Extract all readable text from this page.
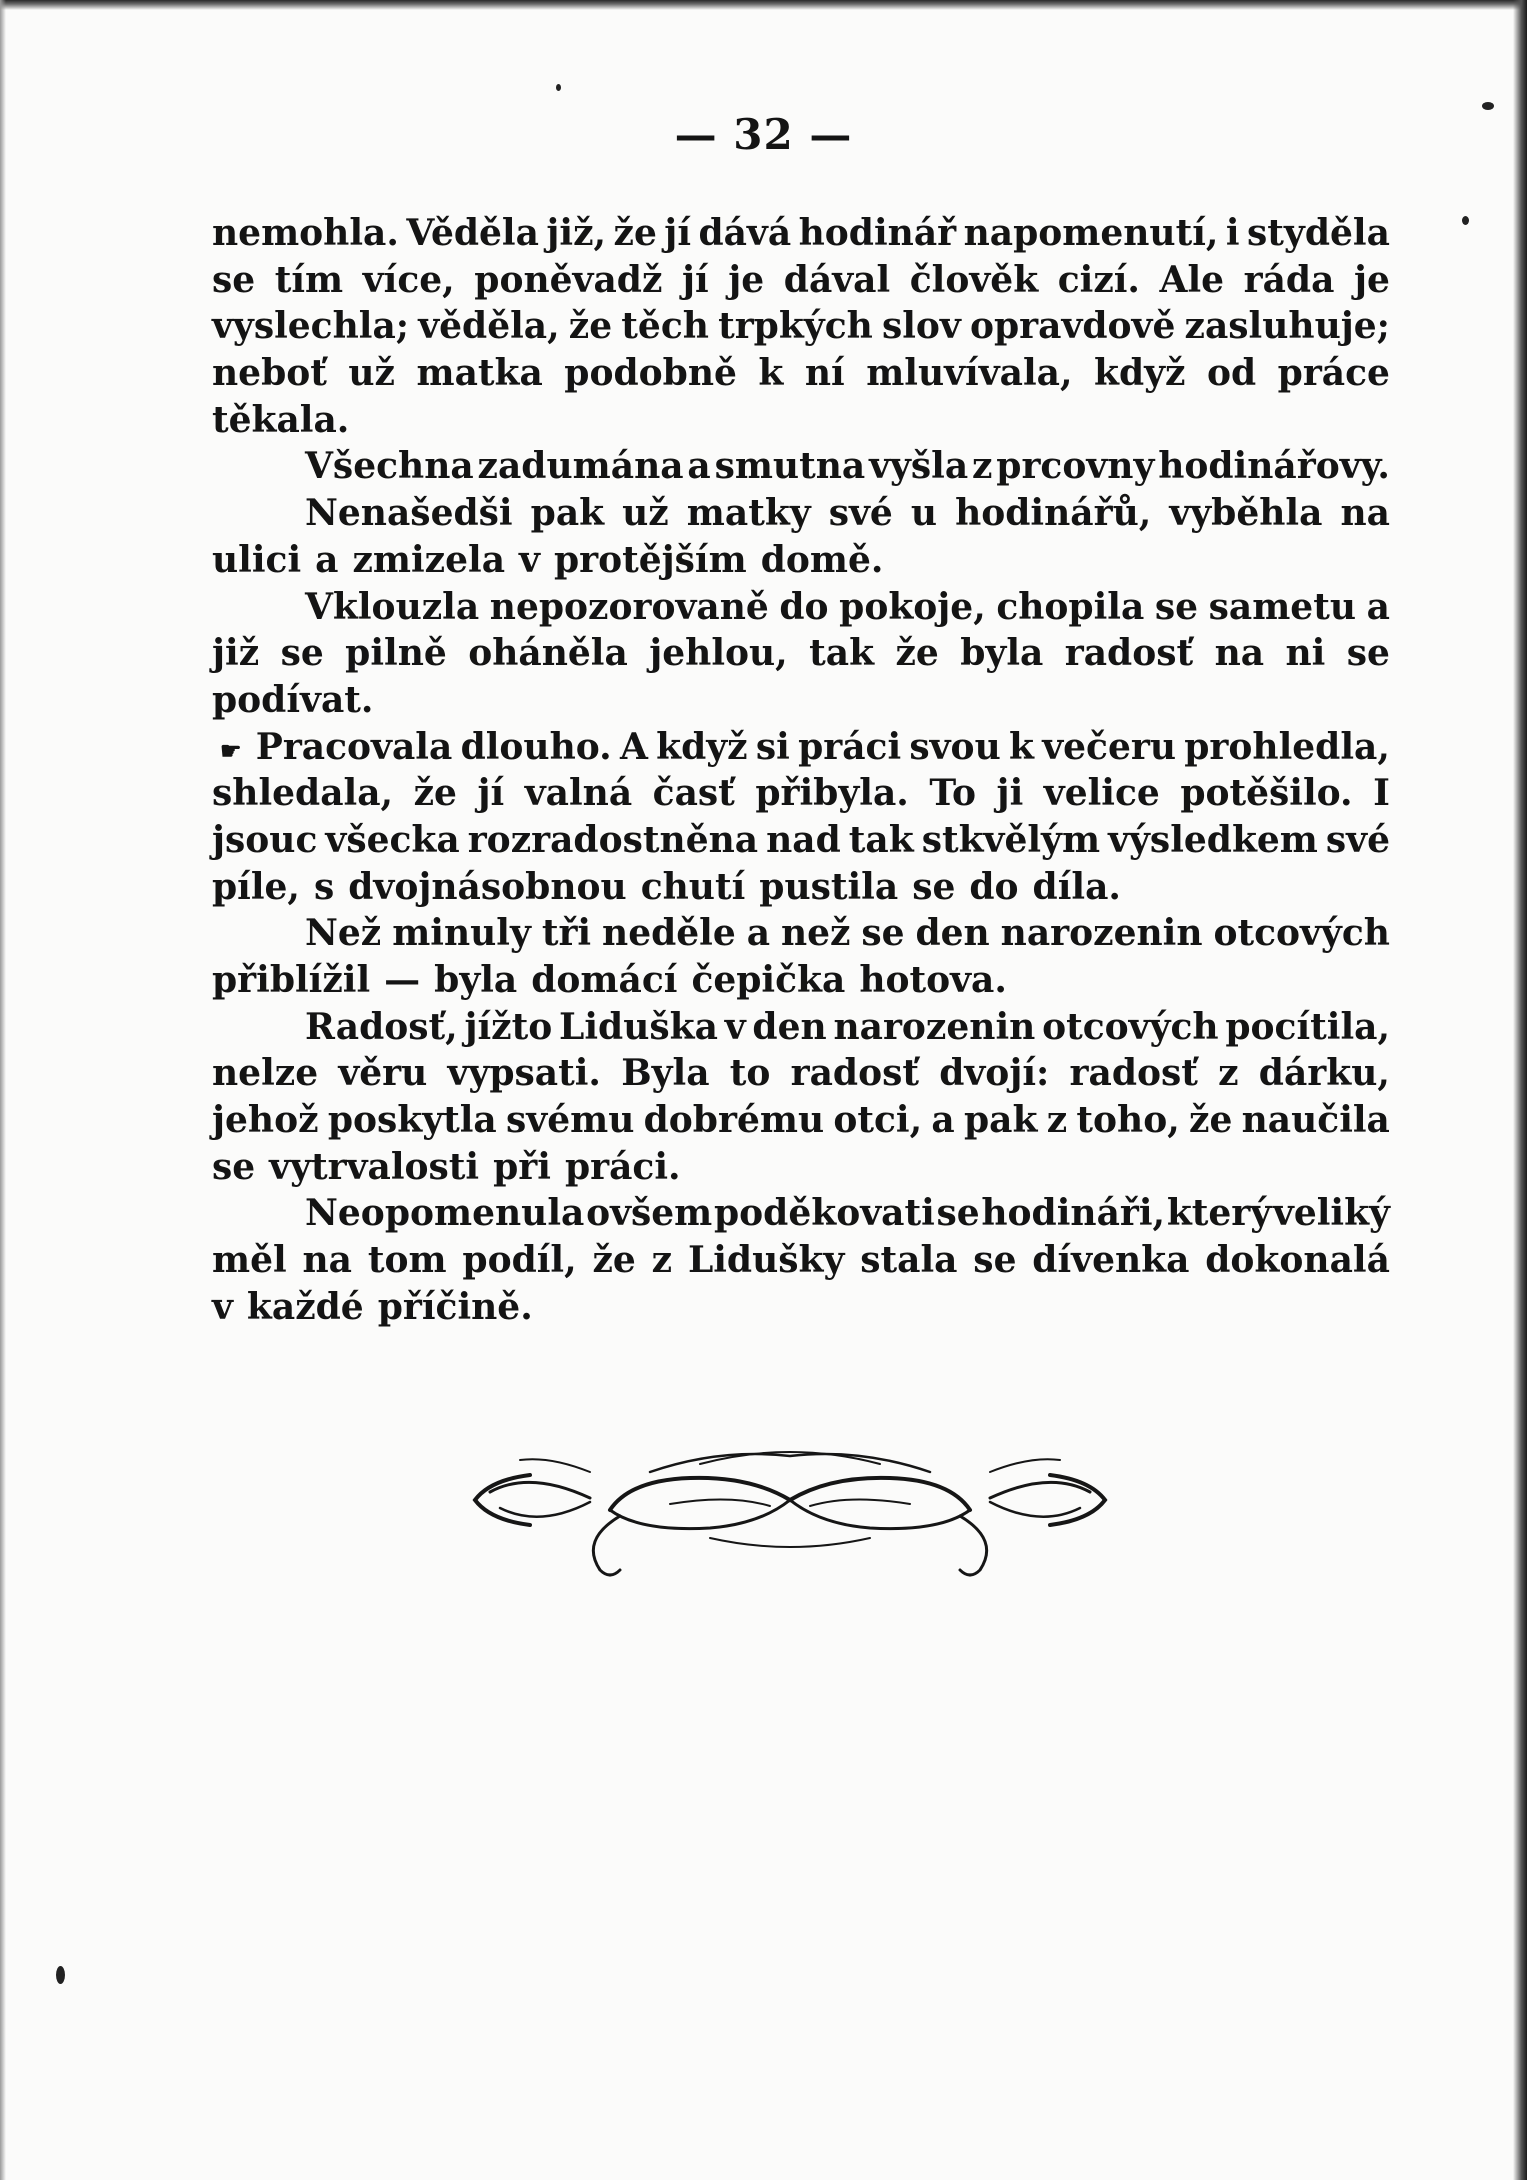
— 32 —
nemohla. Věděla již, že jí dává hodinář napomenutí, i styděla
se tím více, poněvadž jí je dával člověk cizí. Ale ráda je
vyslechla; věděla, že těch trpkých slov opravdově zasluhuje;
neboť už matka podobně k ní mluvívala, když od práce
těkala.
Všechna zadumána a smutna vyšla z prcovny hodinářovy.
Nenašedši pak už matky své u hodinářů, vyběhla na
ulici a zmizela v protějším domě.
Vklouzla nepozorovaně do pokoje, chopila se sametu a
již se pilně oháněla jehlou, tak že byla radosť na ni se
podívat.
☛ Pracovala dlouho. A když si práci svou k večeru prohledla,
shledala, že jí valná časť přibyla. To ji velice potěšilo. I
jsouc všecka rozradostněna nad tak stkvělým výsledkem své
píle, s dvojnásobnou chutí pustila se do díla.
Než minuly tři neděle a než se den narozenin otcových
přiblížil — byla domácí čepička hotova.
Radosť, jížto Liduška v den narozenin otcových pocítila,
nelze věru vypsati. Byla to radosť dvojí: radosť z dárku,
jehož poskytla svému dobrému otci, a pak z toho, že naučila
se vytrvalosti při práci.
Neopomenula ovšem poděkovati se hodináři, který veliký
měl na tom podíl, že z Lidušky stala se dívenka dokonalá
v každé příčině.
